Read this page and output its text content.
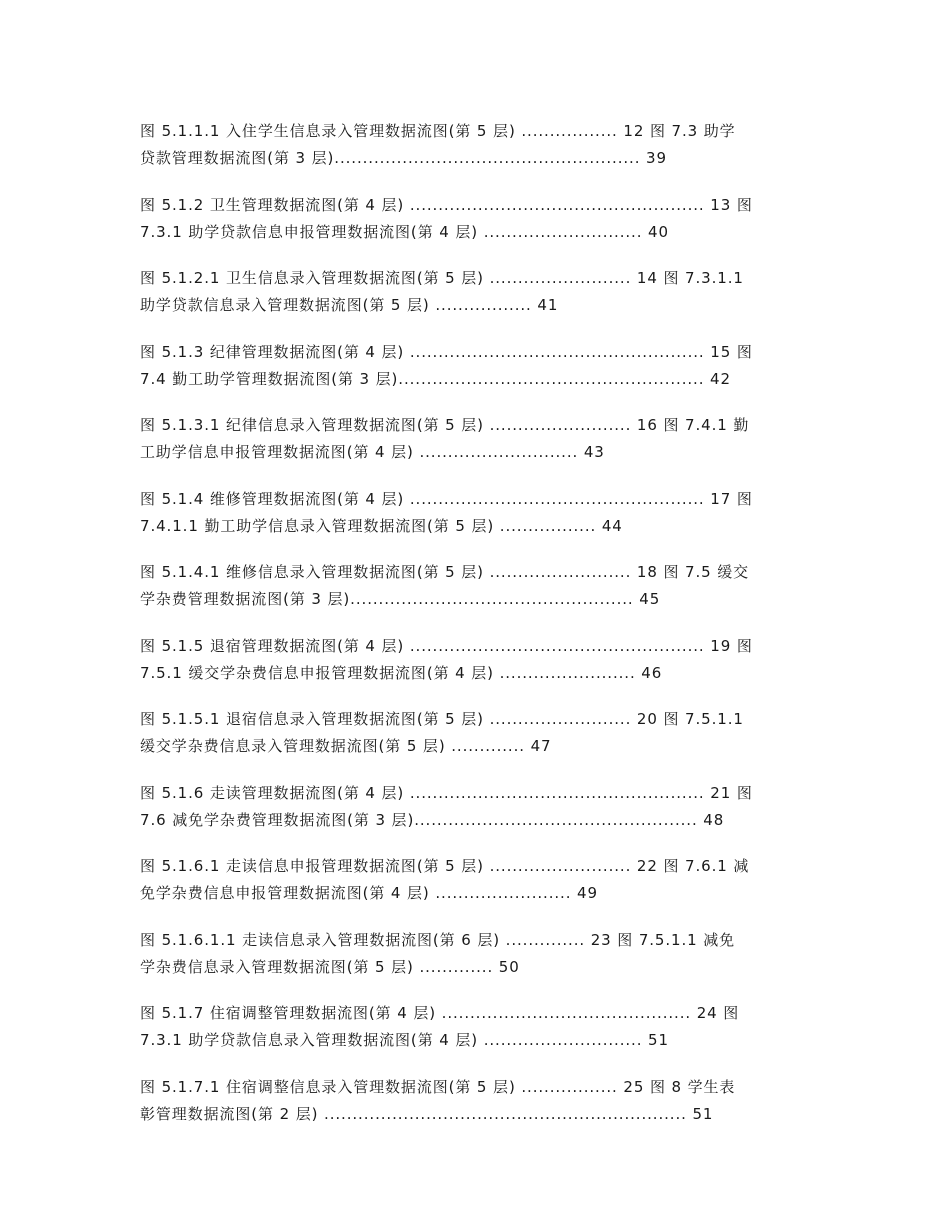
图 5.1.1.1 入住学生信息录入管理数据流图(第 5 层) ................. 12 图 7.3 助学
贷款管理数据流图(第 3 层)...................................................... 39
图 5.1.2 卫生管理数据流图(第 4 层) .................................................... 13 图
7.3.1 助学贷款信息申报管理数据流图(第 4 层) ............................ 40
图 5.1.2.1 卫生信息录入管理数据流图(第 5 层) ......................... 14 图 7.3.1.1
助学贷款信息录入管理数据流图(第 5 层) ................. 41
图 5.1.3 纪律管理数据流图(第 4 层) .................................................... 15 图
7.4 勤工助学管理数据流图(第 3 层)...................................................... 42
图 5.1.3.1 纪律信息录入管理数据流图(第 5 层) ......................... 16 图 7.4.1 勤
工助学信息申报管理数据流图(第 4 层) ............................ 43
图 5.1.4 维修管理数据流图(第 4 层) .................................................... 17 图
7.4.1.1 勤工助学信息录入管理数据流图(第 5 层) ................. 44
图 5.1.4.1 维修信息录入管理数据流图(第 5 层) ......................... 18 图 7.5 缓交
学杂费管理数据流图(第 3 层).................................................. 45
图 5.1.5 退宿管理数据流图(第 4 层) .................................................... 19 图
7.5.1 缓交学杂费信息申报管理数据流图(第 4 层) ........................ 46
图 5.1.5.1 退宿信息录入管理数据流图(第 5 层) ......................... 20 图 7.5.1.1
缓交学杂费信息录入管理数据流图(第 5 层) ............. 47
图 5.1.6 走读管理数据流图(第 4 层) .................................................... 21 图
7.6 减免学杂费管理数据流图(第 3 层).................................................. 48
图 5.1.6.1 走读信息申报管理数据流图(第 5 层) ......................... 22 图 7.6.1 减
免学杂费信息申报管理数据流图(第 4 层) ........................ 49
图 5.1.6.1.1 走读信息录入管理数据流图(第 6 层) .............. 23 图 7.5.1.1 减免
学杂费信息录入管理数据流图(第 5 层) ............. 50
图 5.1.7 住宿调整管理数据流图(第 4 层) ............................................ 24 图
7.3.1 助学贷款信息录入管理数据流图(第 4 层) ............................ 51
图 5.1.7.1 住宿调整信息录入管理数据流图(第 5 层) ................. 25 图 8 学生表
彰管理数据流图(第 2 层) ................................................................ 51
